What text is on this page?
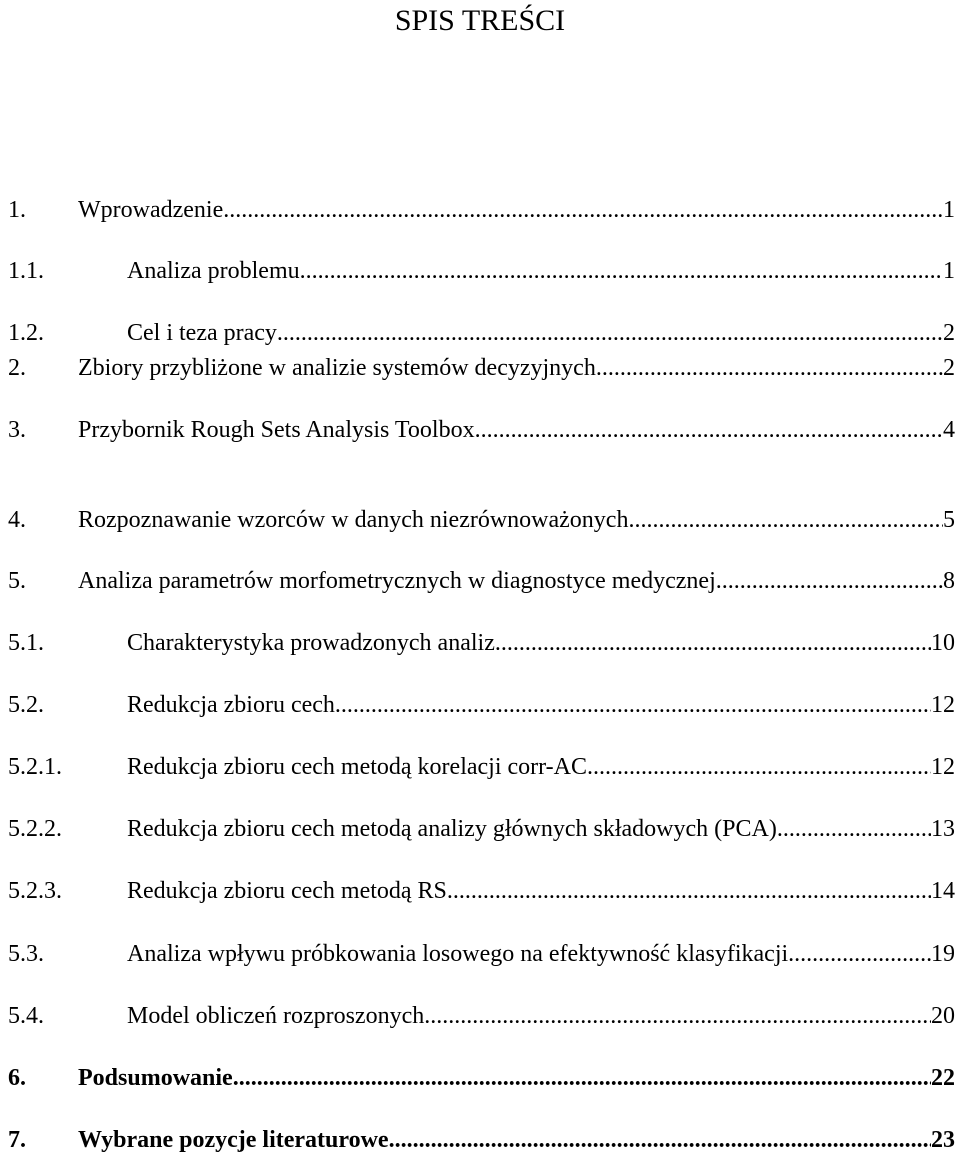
SPIS TREŚCI
1. Wprowadzenie .....	1
1.1.	Analiza problemu .....	1
1.2.	Cel i teza pracy .....	2
2. Zbiory przybliżone w analizie systemów decyzyjnych .....	2
3. Przybornik Rough Sets Analysis Toolbox .....	4
4. Rozpoznawanie wzorców w danych niezrównoważonych .....	5
5. Analiza parametrów morfometrycznych w diagnostyce medycznej .....	8
5.1.	Charakterystyka prowadzonych analiz .....	10
5.2.	Redukcja zbioru cech .....	12
5.2.1.	Redukcja zbioru cech metodą korelacji corr-AC .....	12
5.2.2.	Redukcja zbioru cech metodą analizy głównych składowych (PCA) .....	13
5.2.3.	Redukcja zbioru cech metodą RS .....	14
5.3.	Analiza wpływu próbkowania losowego na efektywność klasyfikacji .....	19
5.4.	Model obliczeń rozproszonych .....	20
6. Podsumowanie .....	22
7. Wybrane pozycje literaturowe .....	23
